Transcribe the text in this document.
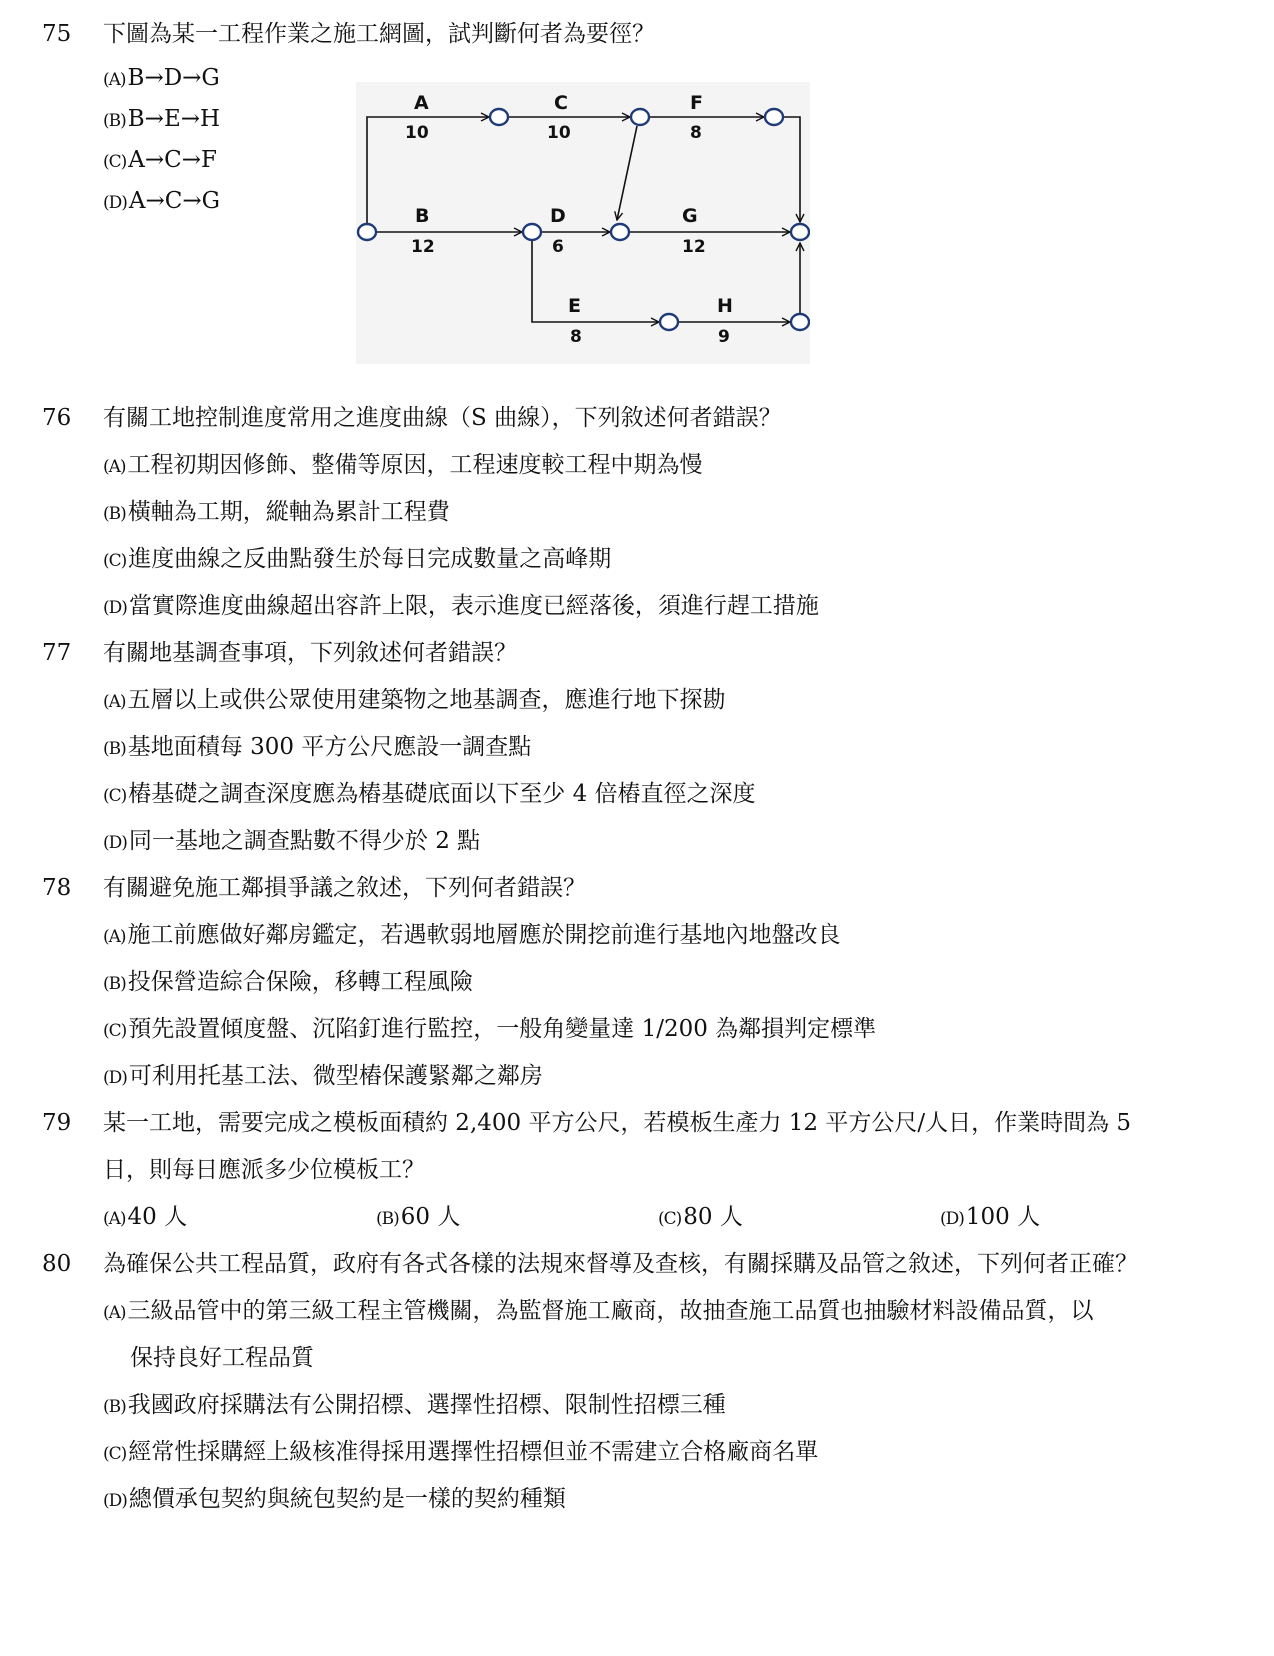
75	下圖為某一工程作業之施工網圖，試判斷何者為要徑？
(A)B→D→G
(B)B→E→H
(C)A→C→F
(D)A→C→G
A
10
C
10
F
8
B
12
D
6
G
12
E
8
H
9
76	有關工地控制進度常用之進度曲線（S 曲線），下列敘述何者錯誤？
(A)工程初期因修飾、整備等原因，工程速度較工程中期為慢
(B)橫軸為工期，縱軸為累計工程費
(C)進度曲線之反曲點發生於每日完成數量之高峰期
(D)當實際進度曲線超出容許上限，表示進度已經落後，須進行趕工措施
77	有關地基調查事項，下列敘述何者錯誤？
(A)五層以上或供公眾使用建築物之地基調查，應進行地下探勘
(B)基地面積每 300 平方公尺應設一調查點
(C)樁基礎之調查深度應為樁基礎底面以下至少 4 倍樁直徑之深度
(D)同一基地之調查點數不得少於 2 點
78	有關避免施工鄰損爭議之敘述，下列何者錯誤？
(A)施工前應做好鄰房鑑定，若遇軟弱地層應於開挖前進行基地內地盤改良
(B)投保營造綜合保險，移轉工程風險
(C)預先設置傾度盤、沉陷釘進行監控，一般角變量達 1/200 為鄰損判定標準
(D)可利用托基工法、微型樁保護緊鄰之鄰房
79	某一工地，需要完成之模板面積約 2,400 平方公尺，若模板生產力 12 平方公尺/人日，作業時間為 5
日，則每日應派多少位模板工？
(A)40 人	(B)60 人	(C)80 人	(D)100 人
80	為確保公共工程品質，政府有各式各樣的法規來督導及查核，有關採購及品管之敘述，下列何者正確？
(A)三級品管中的第三級工程主管機關，為監督施工廠商，故抽查施工品質也抽驗材料設備品質，以
保持良好工程品質
(B)我國政府採購法有公開招標、選擇性招標、限制性招標三種
(C)經常性採購經上級核准得採用選擇性招標但並不需建立合格廠商名單
(D)總價承包契約與統包契約是一樣的契約種類
